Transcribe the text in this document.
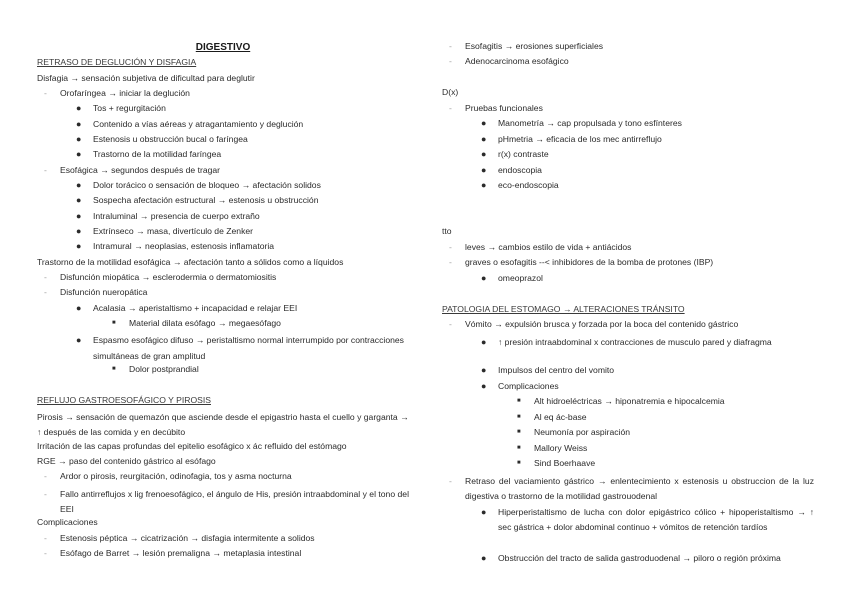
DIGESTIVO
RETRASO DE DEGLUCIÓN Y DISFAGIA
Disfagia → sensación subjetiva de dificultad para deglutir
- Orofaríngea → iniciar la deglución
● Tos + regurgitación
● Contenido a vías aéreas y atragantamiento y deglución
● Estenosis u obstrucción bucal o faríngea
● Trastorno de la motilidad faríngea
- Esofágica → segundos después de tragar
● Dolor torácico o sensación de bloqueo → afectación solidos
● Sospecha afectación estructural → estenosis u obstrucción
● Intraluminal → presencia de cuerpo extraño
● Extrínseco → masa, divertículo de Zenker
● Intramural → neoplasias, estenosis inflamatoria
Trastorno de la motilidad esofágica → afectación tanto a sólidos como a líquidos
- Disfunción miopática → esclerodermia o dermatomiositis
- Disfunción nueropática
● Acalasia → aperistaltismo + incapacidad e relajar EEI
■ Material dilata esófago → megaesófago
● Espasmo esofágico difuso → peristaltismo normal interrumpido por contracciones simultáneas de gran amplitud
■ Dolor postprandial
REFLUJO GASTROESOFÁGICO Y PIROSIS
Pirosis → sensación de quemazón que asciende desde el epigastrio hasta el cuello y garganta → ↑ después de las comida y en decúbito
Irritación de las capas profundas del epitelio esofágico x ác refluido del estómago
RGE → paso del contenido gástrico al esófago
- Ardor o pirosis, reurgitación, odinofagia, tos y asma nocturna
- Fallo antirreflujos x lig frenoesofágico, el ángulo de His, presión intraabdominal y el tono del EEI
Complicaciones
- Estenosis péptica → cicatrización → disfagia intermitente a solidos
- Esófago de Barret → lesión premaligna → metaplasia intestinal
- Esofagitis → erosiones superficiales
- Adenocarcinoma esofágico
D(x)
- Pruebas funcionales
● Manometría → cap propulsada y tono esfínteres
● pHmetria → eficacia de los mec antirreflujo
● r(x) contraste
● endoscopia
● eco-endoscopia
tto
- leves → cambios estilo de vida + antiácidos
- graves o esofagitis --< inhibidores de la bomba de protones (IBP)
● omeoprazol
PATOLOGIA DEL ESTOMAGO → ALTERACIONES TRÁNSITO
- Vómito → expulsión brusca y forzada por la boca del contenido gástrico
● ↑ presión intraabdominal x contracciones de musculo pared y diafragma
● Impulsos del centro del vomito
● Complicaciones
■ Alt hidroeléctricas → hiponatremia e hipocalcemia
■ Al eq ác-base
■ Neumonía por aspiración
■ Mallory Weiss
■ Sind Boerhaave
- Retraso del vaciamiento gástrico → enlentecimiento x estenosis u obstruccion de la luz digestiva o trastorno de la motilidad gastrouodenal
● Hiperperistaltismo de lucha con dolor epigástrico cólico + hipoperistaltismo → ↑ sec gástrica + dolor abdominal continuo + vómitos de retención tardíos
● Obstrucción del tracto de salida gastroduodenal → piloro o región próxima
